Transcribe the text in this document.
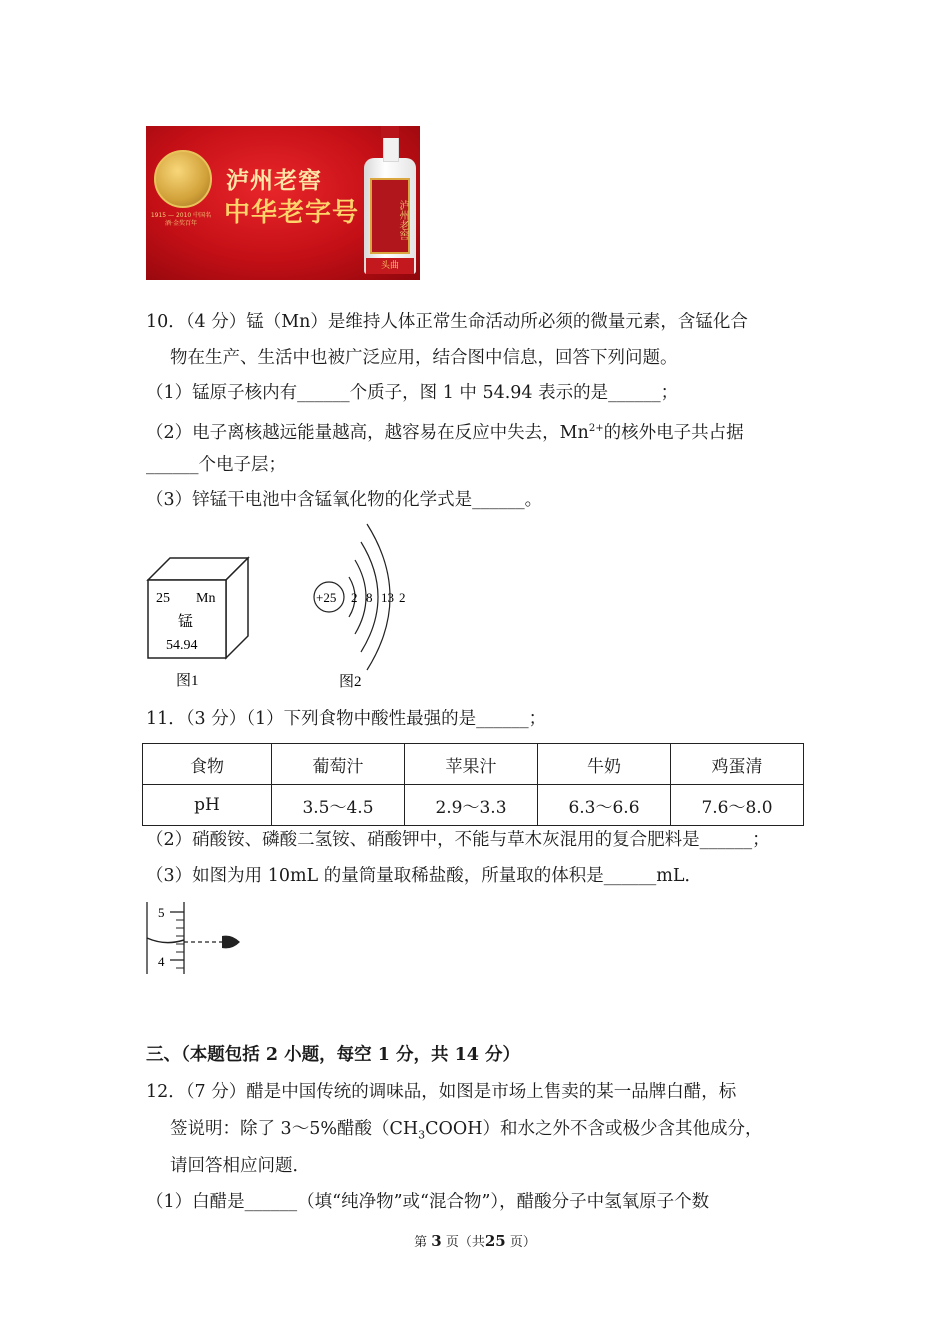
1915 — 2010 中国名酒·金奖百年
泸州老窖
中华老字号	泸州老窖
头曲
10．（4 分）锰（Mn）是维持人体正常生命活动所必须的微量元素，含锰化合
物在生产、生活中也被广泛应用，结合图中信息，回答下列问题。
（1）锰原子核内有______个质子，图 1 中 54.94 表示的是______；
（2）电子离核越远能量越高，越容易在反应中失去，$Mn^{2+}$的核外电子共占据
______个电子层；
（3）锌锰干电池中含锰氧化物的化学式是______。
25 Mn
锰
54.94
图1
+25 2 8 13 2
图2
11．（3 分）（1）下列食物中酸性最强的是______；
食物	葡萄汁	苹果汁	牛奶	鸡蛋清
pH	3.5～4.5	2.9～3.3	6.3～6.6	7.6～8.0
（2）硝酸铵、磷酸二氢铵、硝酸钾中，不能与草木灰混用的复合肥料是______；
（3）如图为用 10mL 的量筒量取稀盐酸，所量取的体积是______mL．
5
4
三、（本题包括 2 小题，每空 1 分，共 14 分）
12．（7 分）醋是中国传统的调味品，如图是市场上售卖的某一品牌白醋，标
签说明：除了 3～5%醋酸$(CH_3COOH)$和水之外不含或极少含其他成分，
请回答相应问题．
（1）白醋是______（填“纯净物”或“混合物”），醋酸分子中氢氧原子个数
第 3 页（共25 页）
